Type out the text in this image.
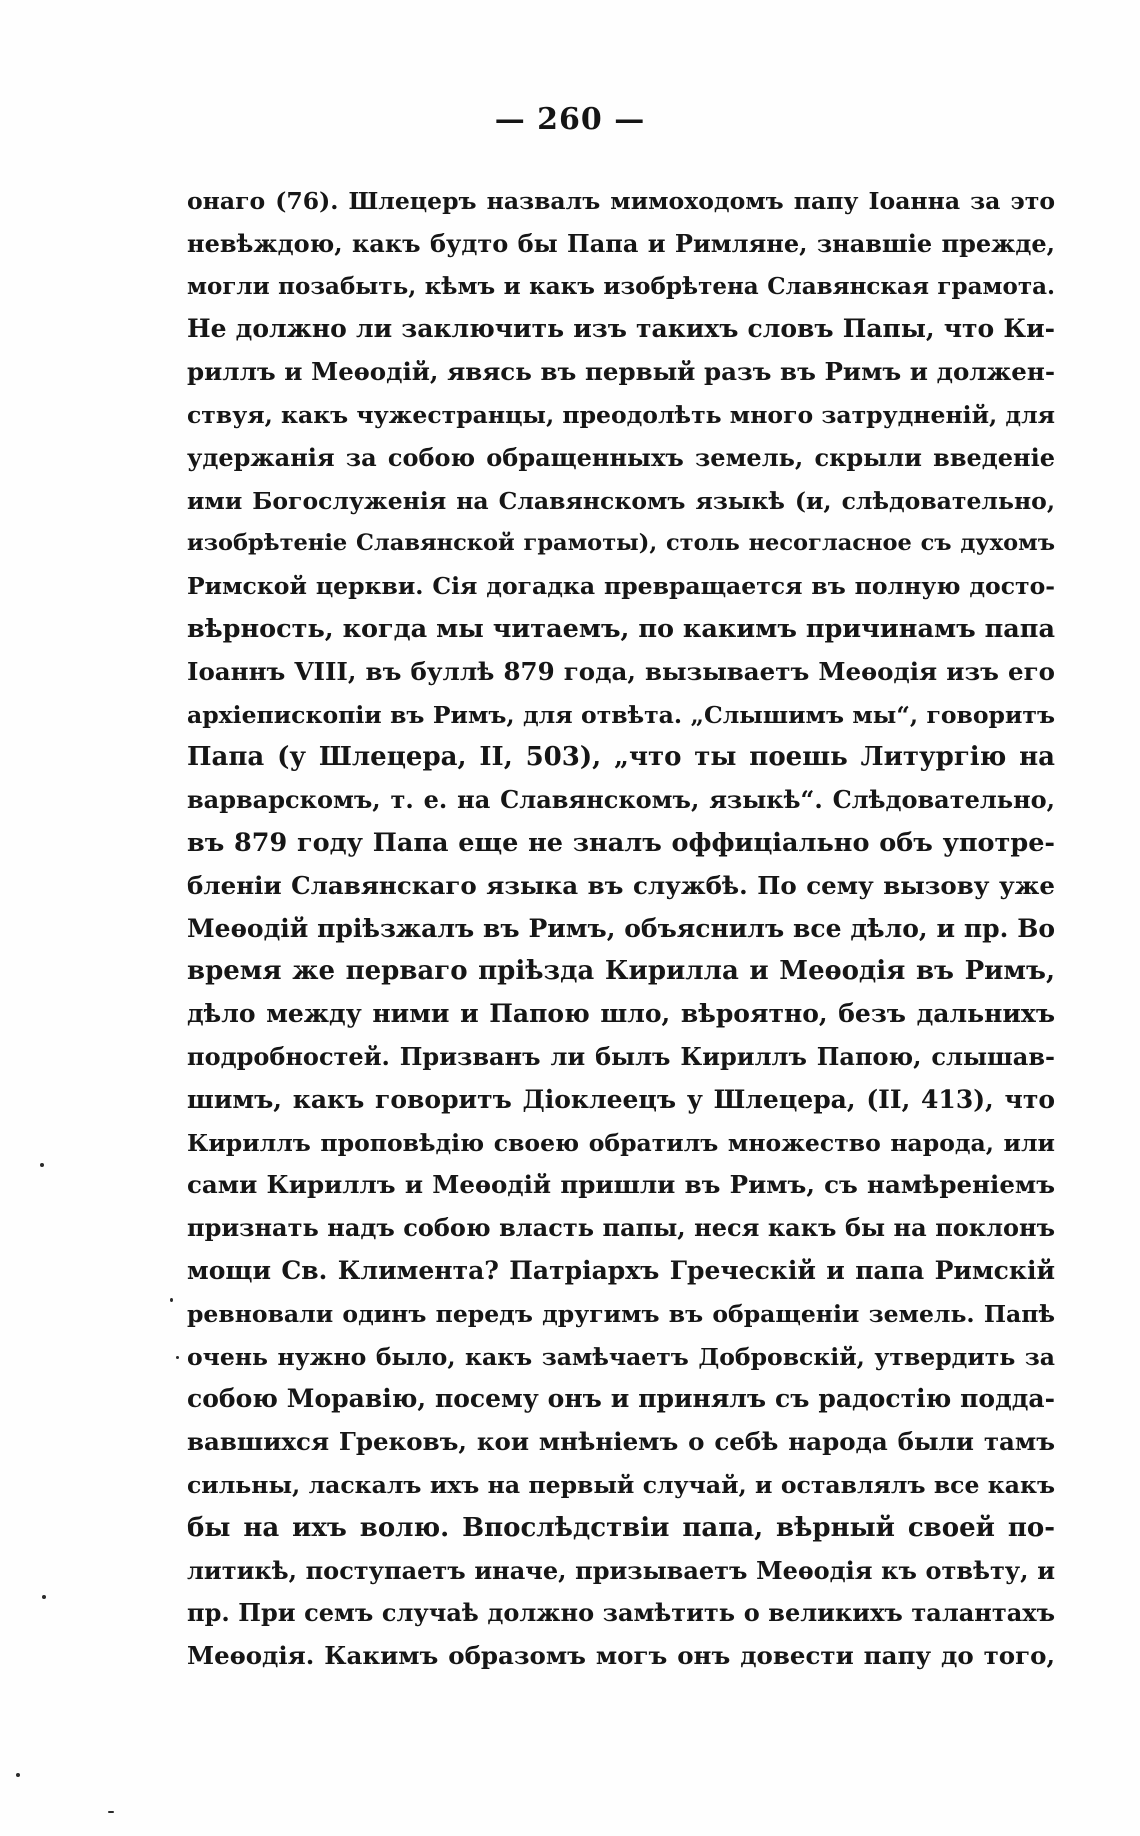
— 260 —
онаго (76). Шлецеръ назвалъ мимоходомъ папу Іоанна за это
невѣждою, какъ будто бы Папа и Римляне, знавшіе прежде,
могли позабыть, кѣмъ и какъ изобрѣтена Славянская грамота.
Не должно ли заключить изъ такихъ словъ Папы, что Ки-
риллъ и Меѳодій, явясь въ первый разъ въ Римъ и должен-
ствуя, какъ чужестранцы, преодолѣть много затрудненій, для
удержанія за собою обращенныхъ земель, скрыли введеніе
ими Богослуженія на Славянскомъ языкѣ (и, слѣдовательно,
изобрѣтеніе Славянской грамоты), столь несогласное съ духомъ
Римской церкви. Сія догадка превращается въ полную досто-
вѣрность, когда мы читаемъ, по какимъ причинамъ папа
Іоаннъ VIII, въ буллѣ 879 года, вызываетъ Меѳодія изъ его
архіепископіи въ Римъ, для отвѣта. „Слышимъ мы“, говоритъ
Папа (у Шлецера, II, 503), „что ты поешь Литургію на
варварскомъ, т. е. на Славянскомъ, языкѣ“. Слѣдовательно,
въ 879 году Папа еще не зналъ оффиціально объ употре-
бленіи Славянскаго языка въ службѣ. По сему вызову уже
Меѳодій пріѣзжалъ въ Римъ, объяснилъ все дѣло, и пр. Во
время же перваго пріѣзда Кирилла и Меѳодія въ Римъ,
дѣло между ними и Папою шло, вѣроятно, безъ дальнихъ
подробностей. Призванъ ли былъ Кириллъ Папою, слышав-
шимъ, какъ говоритъ Діоклеецъ у Шлецера, (II, 413), что
Кириллъ проповѣдію своею обратилъ множество народа, или
сами Кириллъ и Меѳодій пришли въ Римъ, съ намѣреніемъ
признать надъ собою власть папы, неся какъ бы на поклонъ
мощи Св. Климента? Патріархъ Греческій и папа Римскій
ревновали одинъ передъ другимъ въ обращеніи земель. Папѣ
очень нужно было, какъ замѣчаетъ Добровскій, утвердить за
собою Моравію, посему онъ и принялъ съ радостію подда-
вавшихся Грековъ, кои мнѣніемъ о себѣ народа были тамъ
сильны, ласкалъ ихъ на первый случай, и оставлялъ все какъ
бы на ихъ волю. Впослѣдствіи папа, вѣрный своей по-
литикѣ, поступаетъ иначе, призываетъ Меѳодія къ отвѣту, и
пр. При семъ случаѣ должно замѣтить о великихъ талантахъ
Меѳодія. Какимъ образомъ могъ онъ довести папу до того,
